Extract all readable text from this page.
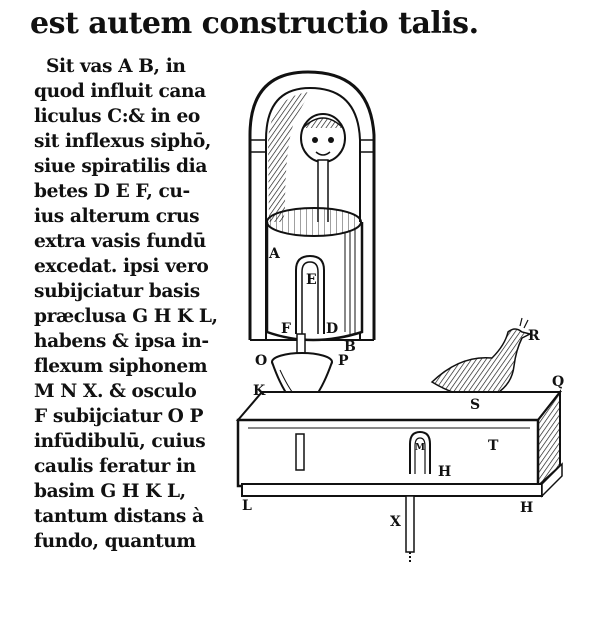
est autem constructio talis.
Sit vas A B, in
quod influit cana
liculus C:& in eo
sit inflexus siphō,
siue spiratilis dia
betes D E F, cu-
ius alterum crus
extra vasis fundū
excedat. ipsi vero
subijciatur basis
præclusa G H K L,
habens & ipsa in-
flexum siphonem
M N X. & osculo
F subijciatur O P
infūdibulū, cuius
caulis feratur in
basim G H K L,
tantum distans à
fundo, quantum
A
E
F	D
B
O	P
K
R
Q
S
T
M
H
L	H
X
